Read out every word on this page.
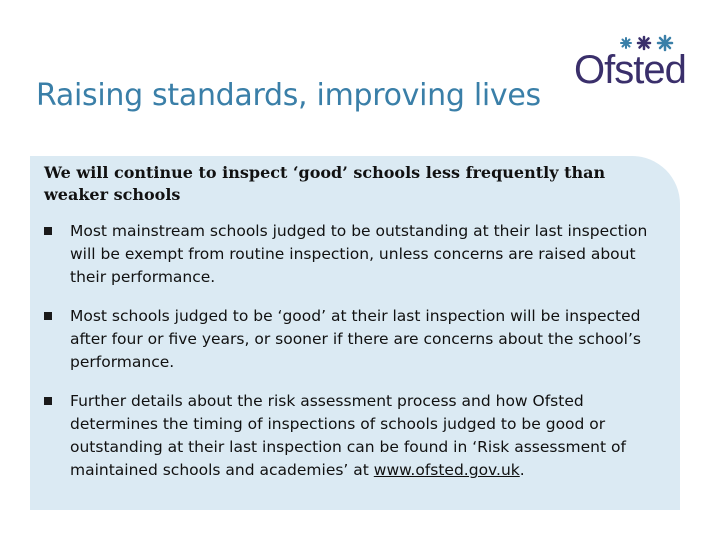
Raising standards, improving lives
Ofsted
We will continue to inspect ‘good’ schools less frequently than weaker schools
Most mainstream schools judged to be outstanding at their last inspection will be exempt from routine inspection, unless concerns are raised about their performance.
Most schools judged to be ‘good’ at their last inspection will be inspected after four or five years, or sooner if there are concerns about the school’s performance.
Further details about the risk assessment process and how Ofsted determines the timing of inspections of schools judged to be good or outstanding at their last inspection can be found in ‘Risk assessment of maintained schools and academies’ at www.ofsted.gov.uk.
